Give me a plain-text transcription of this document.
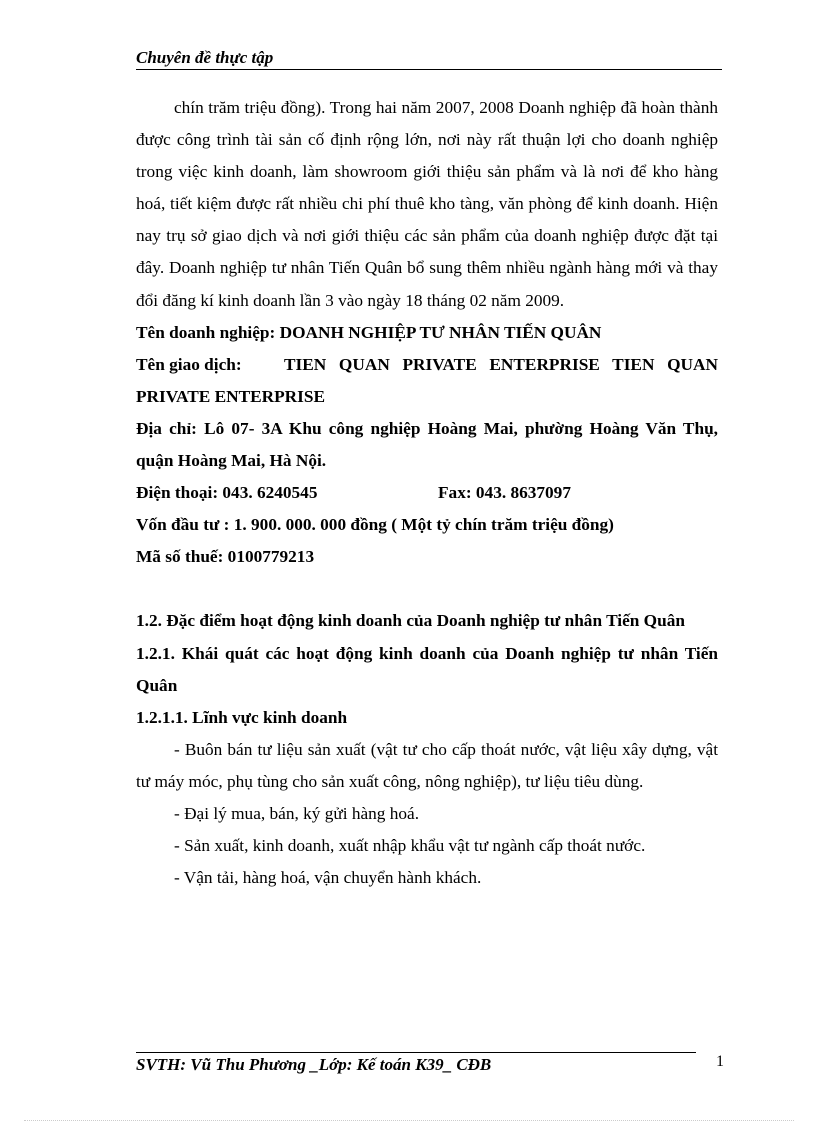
Chuyên đề thực tập

chín trăm triệu đồng). Trong hai năm 2007, 2008 Doanh nghiệp đã hoàn thành được công trình tài sản cố định rộng lớn, nơi này rất thuận lợi cho doanh nghiệp trong việc kinh doanh, làm showroom giới thiệu sản phẩm và là nơi để kho hàng hoá, tiết kiệm được rất nhiều chi phí thuê kho tàng, văn phòng để kinh doanh. Hiện nay trụ sở giao dịch và nơi giới thiệu các sản phẩm của doanh nghiệp được đặt tại đây. Doanh nghiệp tư nhân Tiến Quân bổ sung thêm nhiều ngành hàng mới và thay đổi đăng kí kinh doanh lần 3 vào ngày 18 tháng 02 năm 2009.

Tên doanh nghiệp: DOANH NGHIỆP TƯ NHÂN TIẾN QUÂN

Tên giao dịch: TIEN QUAN PRIVATE ENTERPRISE TIEN QUAN PRIVATE ENTERPRISE

Địa chỉ: Lô 07- 3A Khu công nghiệp Hoàng Mai, phường Hoàng Văn Thụ, quận Hoàng Mai, Hà Nội.

Điện thoại: 043. 6240545	Fax: 043. 8637097

Vốn đầu tư : 1. 900. 000. 000 đồng ( Một tỷ chín trăm triệu đồng)

Mã số thuế: 0100779213

1.2. Đặc điểm hoạt động kinh doanh của Doanh nghiệp tư nhân Tiến Quân

1.2.1. Khái quát các hoạt động kinh doanh của Doanh nghiệp tư nhân Tiến Quân

1.2.1.1. Lĩnh vực kinh doanh

- Buôn bán tư liệu sản xuất (vật tư cho cấp thoát nước, vật liệu xây dựng, vật tư máy móc, phụ tùng cho sản xuất công, nông nghiệp), tư liệu tiêu dùng.

- Đại lý mua, bán, ký gửi hàng hoá.

- Sản xuất, kinh doanh, xuất nhập khẩu vật tư ngành cấp thoát nước.

- Vận tải, hàng hoá, vận chuyển hành khách.

SVTH: Vũ Thu Phương _Lớp: Kế toán K39_ CĐB	1
